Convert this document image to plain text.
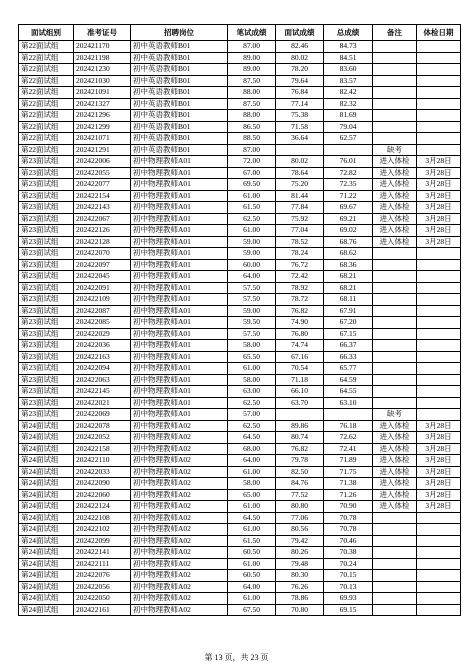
面试组别	准考证号	招聘岗位	笔试成绩	面试成绩	总成绩	备注	体检日期
第22面试组	202421170	初中英语教师B01	87.00	82.46	84.73		
第22面试组	202421198	初中英语教师B01	89.00	80.02	84.51		
第22面试组	202421230	初中英语教师B01	89.00	78.20	83.60		
第22面试组	202421030	初中英语教师B01	87.50	79.64	83.57		
第22面试组	202421091	初中英语教师B01	88.00	76.84	82.42		
第22面试组	202421327	初中英语教师B01	87.50	77.14	82.32		
第22面试组	202421296	初中英语教师B01	88.00	75.38	81.69		
第22面试组	202421299	初中英语教师B01	86.50	71.58	79.04		
第22面试组	202421071	初中英语教师B01	88.50	36.64	62.57		
第22面试组	202421291	初中英语教师B01	87.00			缺考	
第23面试组	202422006	初中物理教师A01	72.00	80.02	76.01	进入体检	3月28日
第23面试组	202422055	初中物理教师A01	67.00	78.64	72.82	进入体检	3月28日
第23面试组	202422077	初中物理教师A01	69.50	75.20	72.35	进入体检	3月28日
第23面试组	202422154	初中物理教师A01	61.00	81.44	71.22	进入体检	3月28日
第23面试组	202422143	初中物理教师A01	61.50	77.84	69.67	进入体检	3月28日
第23面试组	202422067	初中物理教师A01	62.50	75.92	69.21	进入体检	3月28日
第23面试组	202422126	初中物理教师A01	61.00	77.04	69.02	进入体检	3月28日
第23面试组	202422128	初中物理教师A01	59.00	78.52	68.76	进入体检	3月28日
第23面试组	202422070	初中物理教师A01	59.00	78.24	68.62		
第23面试组	202422097	初中物理教师A01	60.00	76.72	68.36		
第23面试组	202422045	初中物理教师A01	64.00	72.42	68.21		
第23面试组	202422091	初中物理教师A01	57.50	78.92	68.21		
第23面试组	202422109	初中物理教师A01	57.50	78.72	68.11		
第23面试组	202422087	初中物理教师A01	59.00	76.82	67.91		
第23面试组	202422085	初中物理教师A01	59.50	74.90	67.20		
第23面试组	202422029	初中物理教师A01	57.50	76.80	67.15		
第23面试组	202422036	初中物理教师A01	58.00	74.74	66.37		
第23面试组	202422163	初中物理教师A01	65.50	67.16	66.33		
第23面试组	202422094	初中物理教师A01	61.00	70.54	65.77		
第23面试组	202422063	初中物理教师A01	58.00	71.18	64.59		
第23面试组	202422145	初中物理教师A01	63.00	66.10	64.55		
第23面试组	202422021	初中物理教师A01	62.50	63.70	63.10		
第23面试组	202422069	初中物理教师A01	57.00			缺考	
第24面试组	202422078	初中物理教师A02	62.50	89.86	76.18	进入体检	3月28日
第24面试组	202422052	初中物理教师A02	64.50	80.74	72.62	进入体检	3月28日
第24面试组	202422158	初中物理教师A02	68.00	76.82	72.41	进入体检	3月28日
第24面试组	202422110	初中物理教师A02	64.00	79.78	71.89	进入体检	3月28日
第24面试组	202422033	初中物理教师A02	61.00	82.50	71.75	进入体检	3月28日
第24面试组	202422090	初中物理教师A02	58.00	84.76	71.38	进入体检	3月28日
第24面试组	202422060	初中物理教师A02	65.00	77.52	71.26	进入体检	3月28日
第24面试组	202422124	初中物理教师A02	61.00	80.80	70.90	进入体检	3月28日
第24面试组	202422108	初中物理教师A02	64.50	77.06	70.78		
第24面试组	202422102	初中物理教师A02	61.00	80.56	70.78		
第24面试组	202422099	初中物理教师A02	61.50	79.42	70.46		
第24面试组	202422141	初中物理教师A02	60.50	80.26	70.38		
第24面试组	202422111	初中物理教师A02	61.00	79.48	70.24		
第24面试组	202422076	初中物理教师A02	60.50	80.30	70.15		
第24面试组	202422056	初中物理教师A02	64.00	76.26	70.13		
第24面试组	202422050	初中物理教师A02	61.00	78.86	69.93		
第24面试组	202422161	初中物理教师A02	67.50	70.80	69.15		
第 13 页，共 23 页
